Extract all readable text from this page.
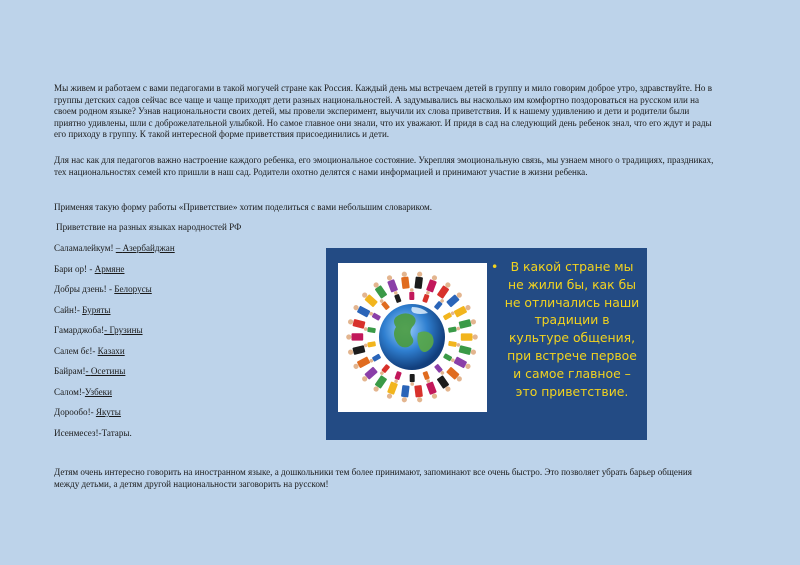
Мы живем и работаем с вами педагогами в такой могучей стране как Россия. Каждый день мы встречаем детей в группу и мило говорим доброе утро, здравствуйте. Но в группы детских садов сейчас все чаще и чаще приходят дети разных национальностей. А задумывались вы насколько им комфортно поздороваться на русском или на своем родном языке? Узнав национальности своих детей, мы провели эксперимент, выучили их слова приветствия. И к нашему удивлению и дети и родители были приятно удивлены, шли с доброжелательной улыбкой. Но самое главное они знали, что их уважают. И придя в сад на следующий день ребенок знал, что его ждут и рады его приходу в группу. К такой интересной форме приветствия присоединились и дети.

Для нас как для педагогов важно настроение каждого ребенка, его эмоциональное состояние. Укрепляя эмоциональную связь, мы узнаем много о традициях, праздниках, тех национальностях семей кто пришли в наш сад. Родители охотно делятся с нами информацией и принимают участие в жизни ребенка.

Применяя такую форму работы «Приветствие» хотим поделиться с вами небольшим словариком.

Приветствие на разных языках народностей РФ

Саламалейкум! – Азербайджан
Бари ор! - Армяне
Добры дзень! - Белорусы
Сайн!- Буряты
Гамарджоба!- Грузины
Салем бє!- Казахи
Байрам!- Осетины
Салом!-Узбеки
Дорообо!- Якуты
Исенмесез!-Татары.

Детям очень интересно говорить на иностранном языке, а дошкольники тем более принимают, запоминают все очень быстро. Это позволяет убрать барьер общения между детьми, а детям другой национальности заговорить на русском!

• В какой стране мы не жили бы, как бы не отличались наши традиции в культуре общения, при встрече первое и самое главное – это приветствие.
